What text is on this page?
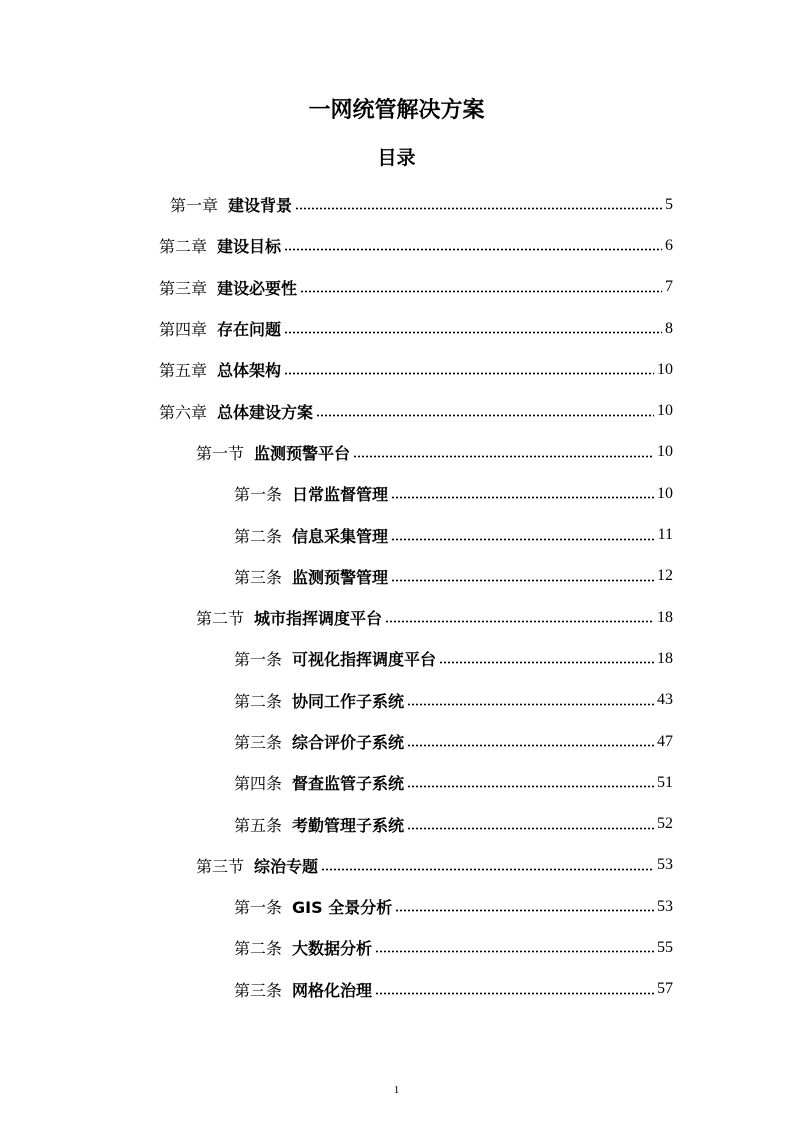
一网统管解决方案
目录
第一章 建设背景	5
第二章 建设目标	6
第三章 建设必要性	7
第四章 存在问题	8
第五章 总体架构	10
第六章 总体建设方案	10
第一节 监测预警平台	10
第一条 日常监督管理	10
第二条 信息采集管理	11
第三条 监测预警管理	12
第二节 城市指挥调度平台	18
第一条 可视化指挥调度平台	18
第二条 协同工作子系统	43
第三条 综合评价子系统	47
第四条 督查监管子系统	51
第五条 考勤管理子系统	52
第三节 综治专题	53
第一条 GIS 全景分析	53
第二条 大数据分析	55
第三条 网格化治理	57
1
